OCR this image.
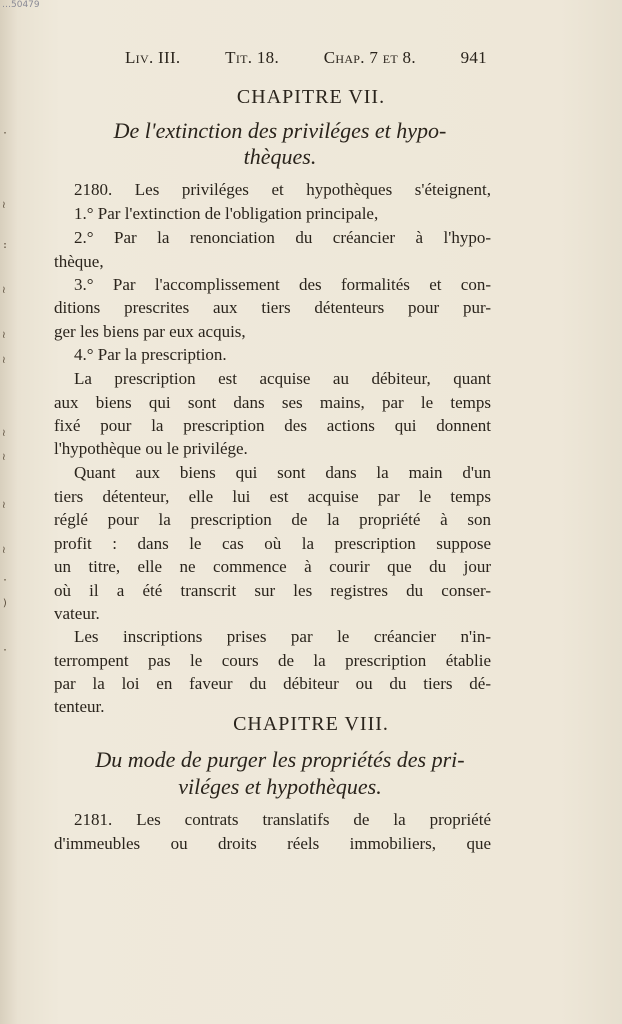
·
≀
:
≀
≀
≀
≀
≀
≀
≀
·
)
·
…50479
Liv. III.	Tit. 18.	Chap. 7 et 8.	941
CHAPITRE VII.
De l'extinction des priviléges et hypo-
thèques.
2180. Les priviléges et hypothèques s'éteignent,
1.° Par l'extinction de l'obligation principale,
2.° Par la renonciation du créancier à l'hypo-
thèque,
3.° Par l'accomplissement des formalités et con-
ditions prescrites aux tiers détenteurs pour pur-
ger les biens par eux acquis,
4.° Par la prescription.
La prescription est acquise au débiteur, quant
aux biens qui sont dans ses mains, par le temps
fixé pour la prescription des actions qui donnent
l'hypothèque ou le privilége.
Quant aux biens qui sont dans la main d'un
tiers détenteur, elle lui est acquise par le temps
réglé pour la prescription de la propriété à son
profit : dans le cas où la prescription suppose
un titre, elle ne commence à courir que du jour
où il a été transcrit sur les registres du conser-
vateur.
Les inscriptions prises par le créancier n'in-
terrompent pas le cours de la prescription établie
par la loi en faveur du débiteur ou du tiers dé-
tenteur.
CHAPITRE VIII.
Du mode de purger les propriétés des pri-
viléges et hypothèques.
2181. Les contrats translatifs de la propriété
d'immeubles ou droits réels immobiliers, que
